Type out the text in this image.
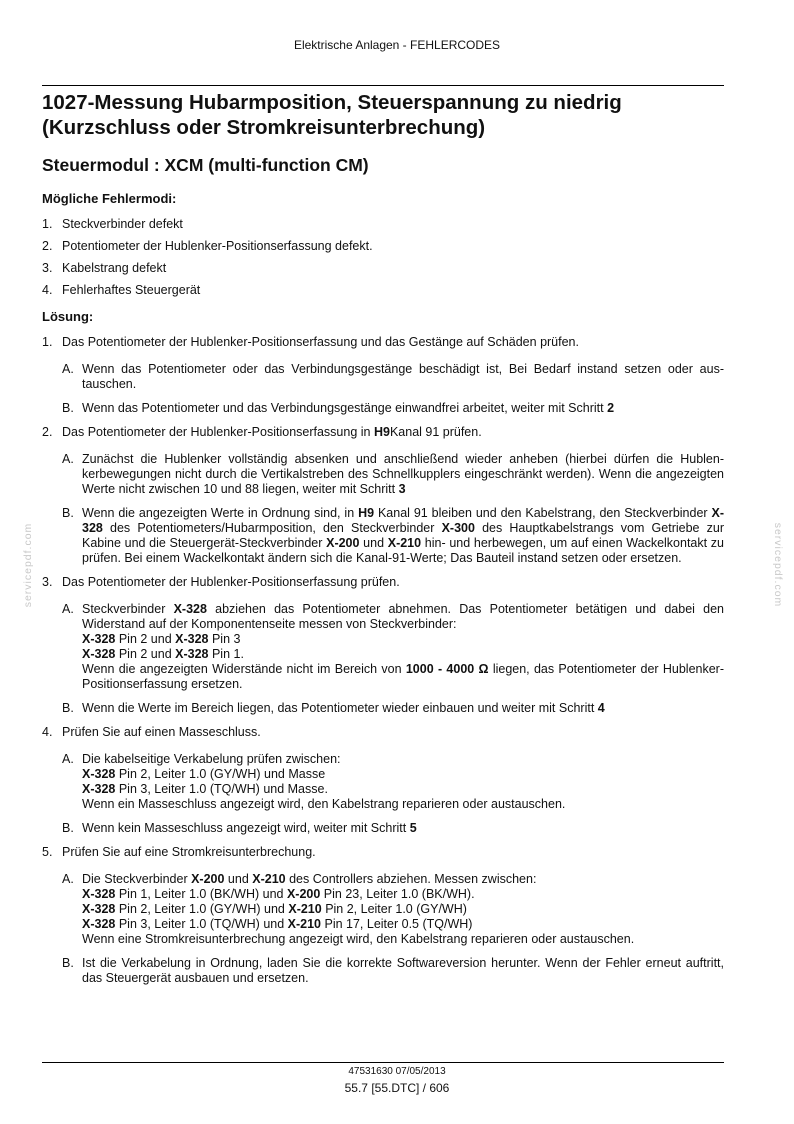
Elektrische Anlagen - FEHLERCODES
servicepdf.com	servicepdf.com
1027-Messung Hubarmposition, Steuerspannung zu niedrig (Kurzschluss oder Stromkreisunterbrechung)
Steuermodul : XCM (multi-function CM)
Mögliche Fehlermodi:
1. Steckverbinder defekt
2. Potentiometer der Hublenker-Positionserfassung defekt.
3. Kabelstrang defekt
4. Fehlerhaftes Steuergerät
Lösung:
1. Das Potentiometer der Hublenker-Positionserfassung und das Gestänge auf Schäden prüfen.
A. Wenn das Potentiometer oder das Verbindungsgestänge beschädigt ist, Bei Bedarf instand setzen oder austauschen.
B. Wenn das Potentiometer und das Verbindungsgestänge einwandfrei arbeitet, weiter mit Schritt 2
2. Das Potentiometer der Hublenker-Positionserfassung in H9Kanal 91 prüfen.
A. Zunächst die Hublenker vollständig absenken und anschließend wieder anheben (hierbei dürfen die Hublenkerbewegungen nicht durch die Vertikalstreben des Schnellkupplers eingeschränkt werden). Wenn die angezeigten Werte nicht zwischen 10 und 88 liegen, weiter mit Schritt 3
B. Wenn die angezeigten Werte in Ordnung sind, in H9 Kanal 91 bleiben und den Kabelstrang, den Steckverbinder X-328 des Potentiometers/Hubarmposition, den Steckverbinder X-300 des Hauptkabelstrangs vom Getriebe zur Kabine und die Steuergerät-Steckverbinder X-200 und X-210 hin- und herbewegen, um auf einen Wackelkontakt zu prüfen. Bei einem Wackelkontakt ändern sich die Kanal-91-Werte; Das Bauteil instand setzen oder ersetzen.
3. Das Potentiometer der Hublenker-Positionserfassung prüfen.
A. Steckverbinder X-328 abziehen das Potentiometer abnehmen. Das Potentiometer betätigen und dabei den Widerstand auf der Komponentenseite messen von Steckverbinder:
X-328 Pin 2 und X-328 Pin 3
X-328 Pin 2 und X-328 Pin 1.
Wenn die angezeigten Widerstände nicht im Bereich von 1000 - 4000 Ω liegen, das Potentiometer der Hublenker-Positionserfassung ersetzen.
B. Wenn die Werte im Bereich liegen, das Potentiometer wieder einbauen und weiter mit Schritt 4
4. Prüfen Sie auf einen Masseschluss.
A. Die kabelseitige Verkabelung prüfen zwischen:
X-328 Pin 2, Leiter 1.0 (GY/WH) und Masse
X-328 Pin 3, Leiter 1.0 (TQ/WH) und Masse.
Wenn ein Masseschluss angezeigt wird, den Kabelstrang reparieren oder austauschen.
B. Wenn kein Masseschluss angezeigt wird, weiter mit Schritt 5
5. Prüfen Sie auf eine Stromkreisunterbrechung.
A. Die Steckverbinder X-200 und X-210 des Controllers abziehen. Messen zwischen:
X-328 Pin 1, Leiter 1.0 (BK/WH) und X-200 Pin 23, Leiter 1.0 (BK/WH).
X-328 Pin 2, Leiter 1.0 (GY/WH) und X-210 Pin 2, Leiter 1.0 (GY/WH)
X-328 Pin 3, Leiter 1.0 (TQ/WH) und X-210 Pin 17, Leiter 0.5 (TQ/WH)
Wenn eine Stromkreisunterbrechung angezeigt wird, den Kabelstrang reparieren oder austauschen.
B. Ist die Verkabelung in Ordnung, laden Sie die korrekte Softwareversion herunter. Wenn der Fehler erneut auftritt, das Steuergerät ausbauen und ersetzen.
47531630 07/05/2013
55.7 [55.DTC] / 606
